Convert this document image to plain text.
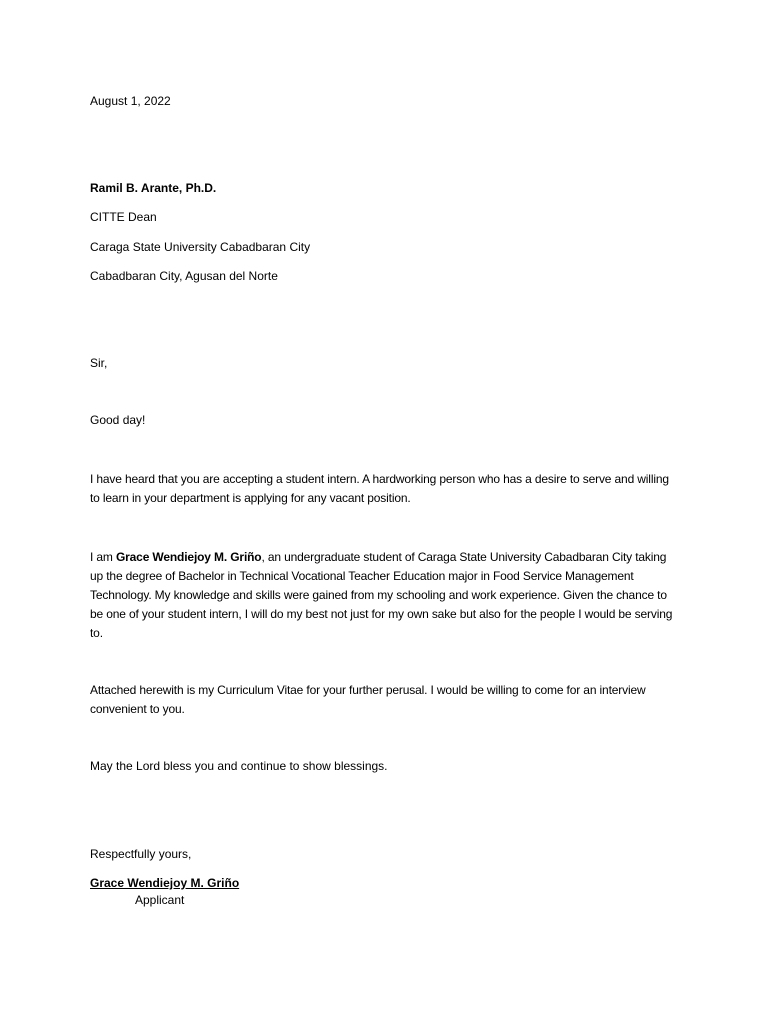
August 1, 2022
Ramil B. Arante, Ph.D.
CITTE Dean
Caraga State University Cabadbaran City
Cabadbaran City, Agusan del Norte
Sir,
Good day!
I have heard that you are accepting a student intern. A hardworking person who has a desire to serve and willing to learn in your department is applying for any vacant position.
I am Grace Wendiejoy M. Griño, an undergraduate student of Caraga State University Cabadbaran City taking up the degree of Bachelor in Technical Vocational Teacher Education major in Food Service Management Technology. My knowledge and skills were gained from my schooling and work experience. Given the chance to be one of your student intern, I will do my best not just for my own sake but also for the people I would be serving to.
Attached herewith is my Curriculum Vitae for your further perusal. I would be willing to come for an interview convenient to you.
May the Lord bless you and continue to show blessings.
Respectfully yours,
Grace Wendiejoy M. Griño
Applicant
